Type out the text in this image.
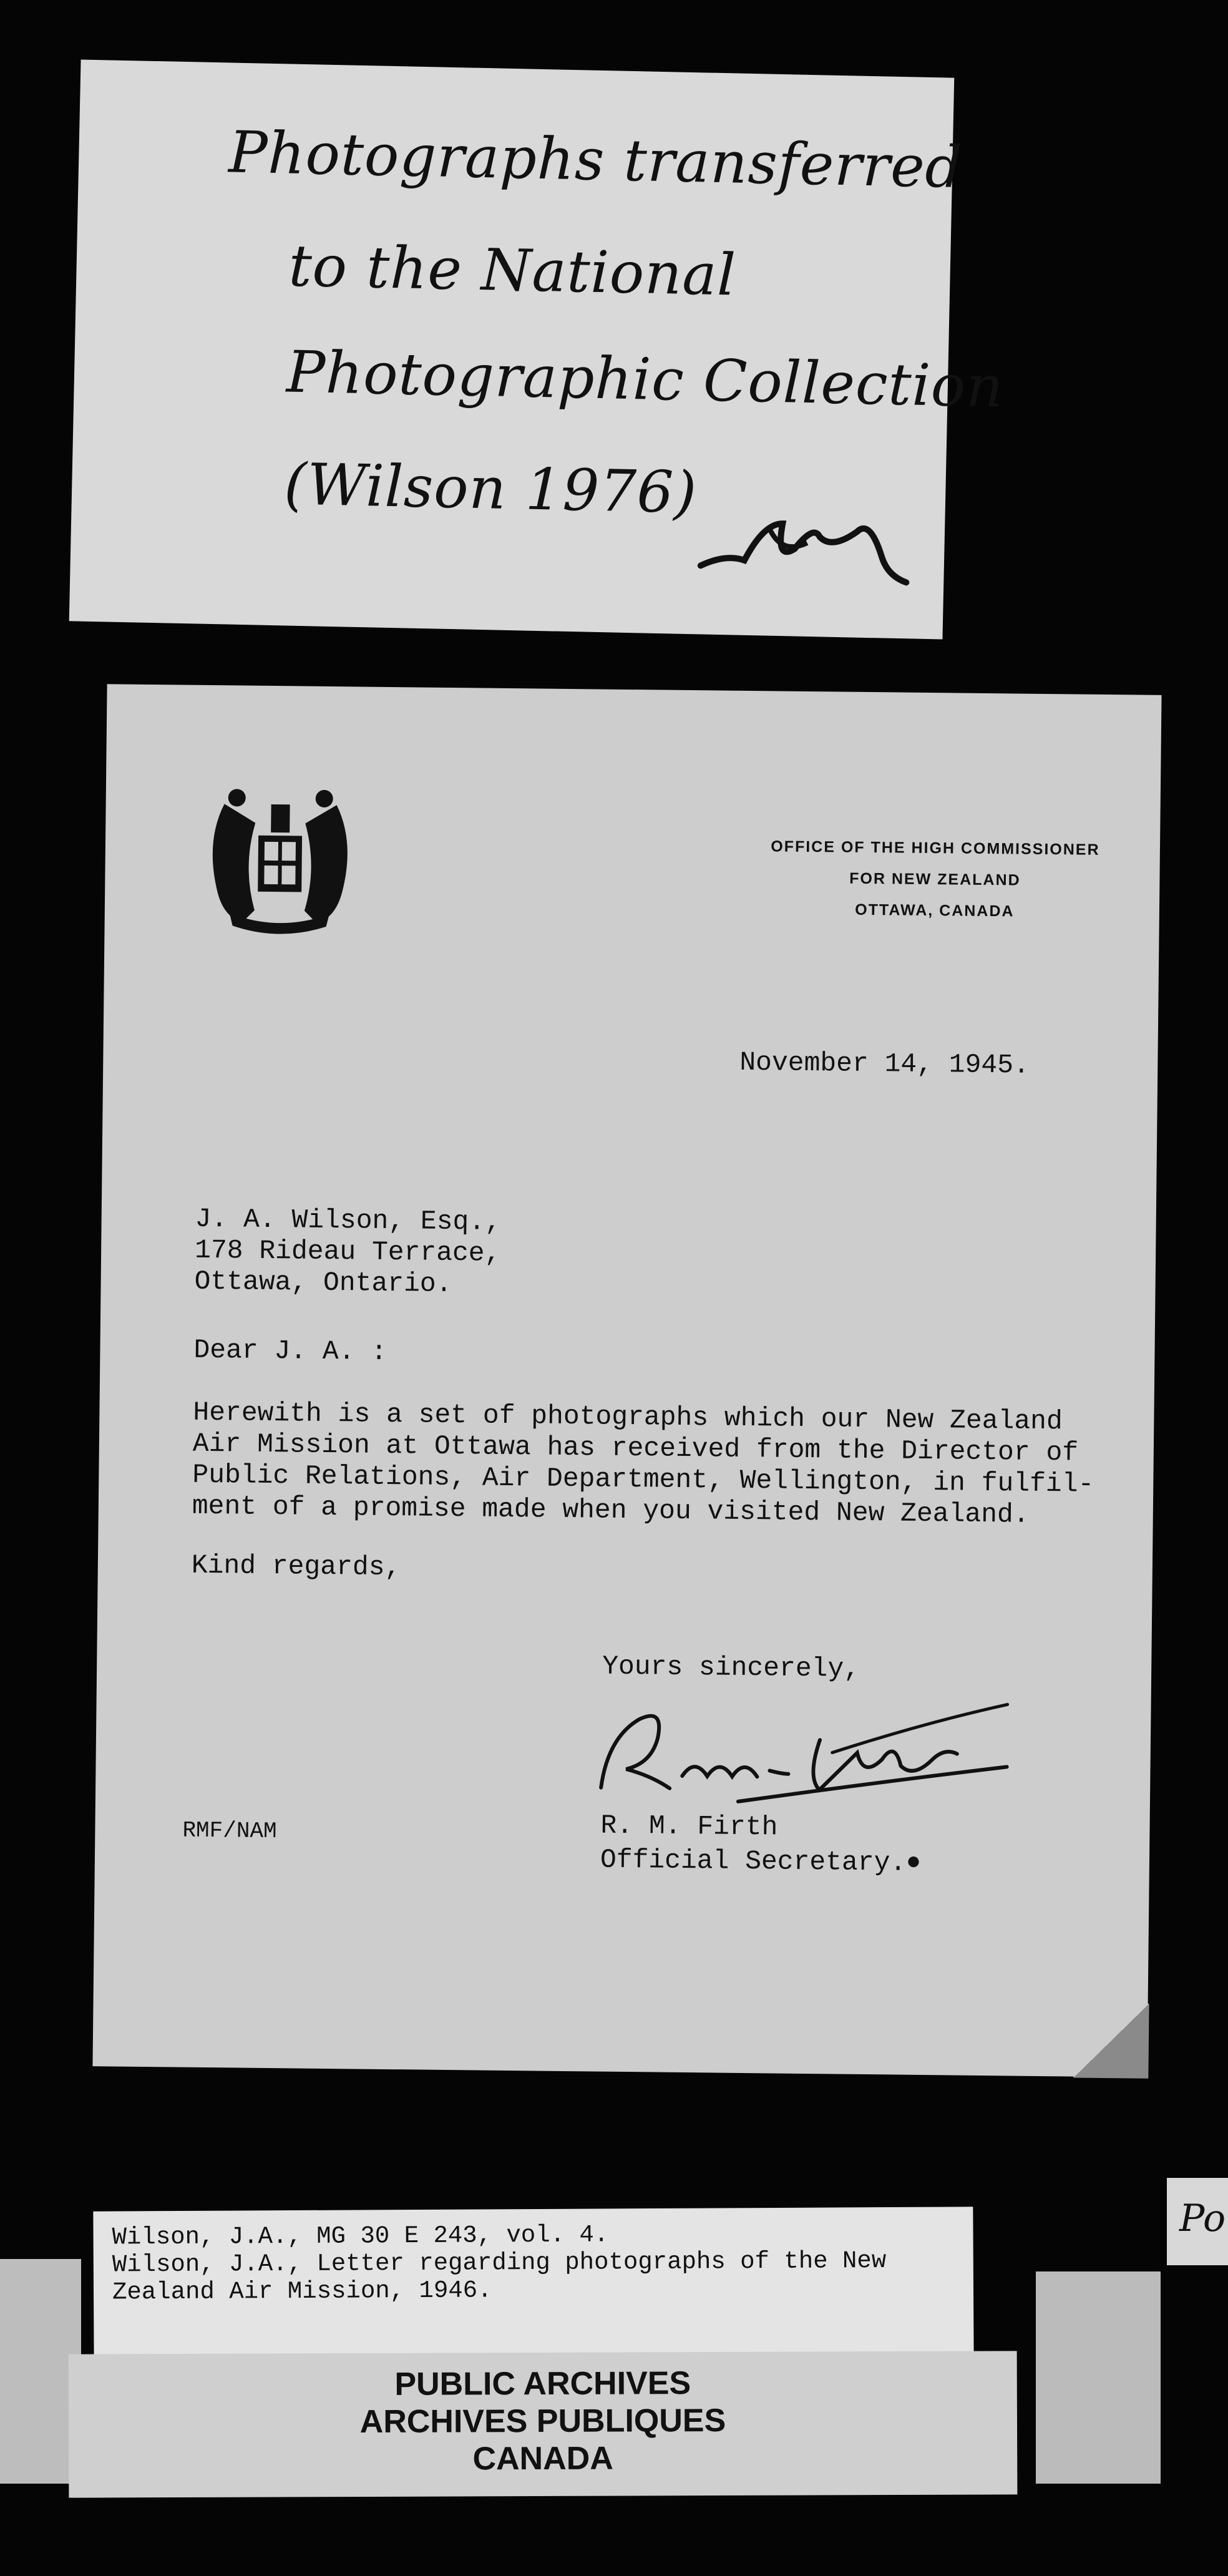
Photographs transferred
to the National
Photographic Collection
(Wilson 1976)
OFFICE OF THE HIGH COMMISSIONER
FOR NEW ZEALAND
OTTAWA, CANADA
November 14, 1945.
J. A. Wilson, Esq.,
178 Rideau Terrace,
Ottawa, Ontario.
Dear J. A. :
Herewith is a set of photographs which our New Zealand
Air Mission at Ottawa has received from the Director of
Public Relations, Air Department, Wellington, in fulfil-
ment of a promise made when you visited New Zealand.
Kind regards,
Yours sincerely,
R. M. Firth
Official Secretary. ●
RMF/NAM
Po
Wilson, J.A., MG 30 E 243, vol. 4.
Wilson, J.A., Letter regarding photographs of the New
Zealand Air Mission, 1946.
PUBLIC ARCHIVES
ARCHIVES PUBLIQUES
CANADA
